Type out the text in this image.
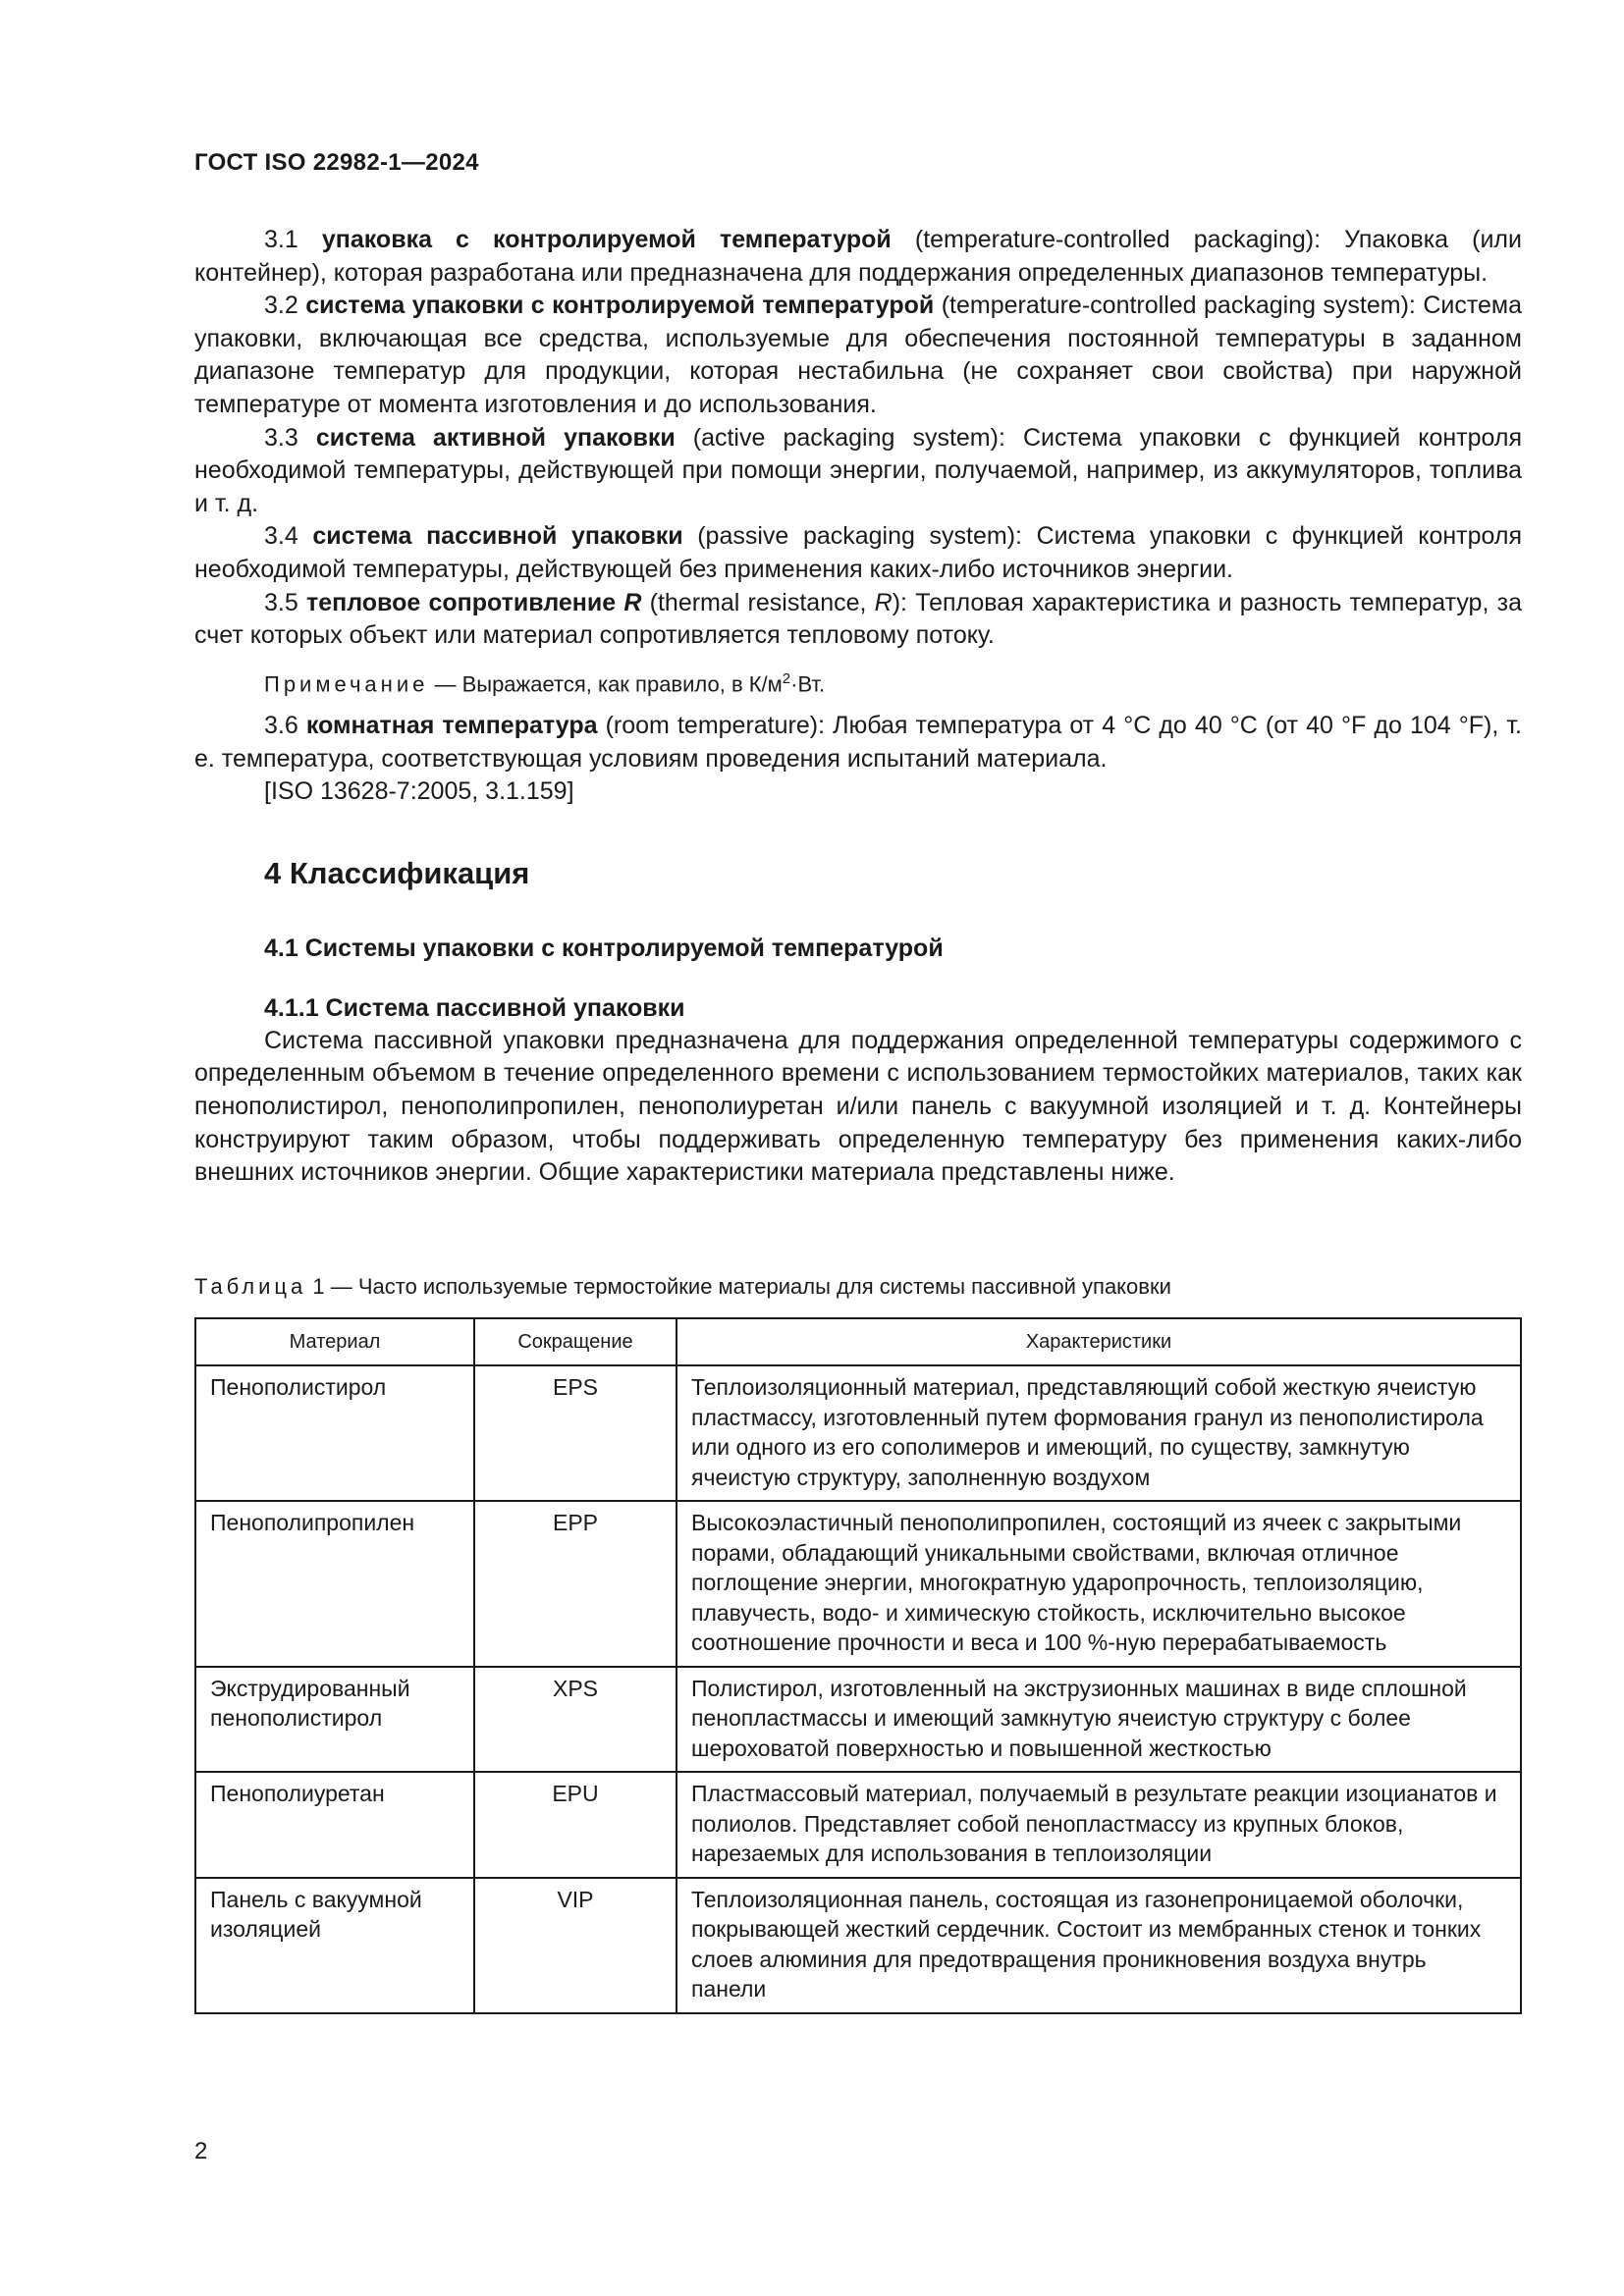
ГОСТ ISO 22982-1—2024

3.1 упаковка с контролируемой температурой (temperature-controlled packaging): Упаковка (или контейнер), которая разработана или предназначена для поддержания определенных диапазонов температуры.

3.2 система упаковки с контролируемой температурой (temperature-controlled packaging system): Система упаковки, включающая все средства, используемые для обеспечения постоянной температуры в заданном диапазоне температур для продукции, которая нестабильна (не сохраняет свои свойства) при наружной температуре от момента изготовления и до использования.

3.3 система активной упаковки (active packaging system): Система упаковки с функцией контроля необходимой температуры, действующей при помощи энергии, получаемой, например, из аккумуляторов, топлива и т. д.

3.4 система пассивной упаковки (passive packaging system): Система упаковки с функцией контроля необходимой температуры, действующей без применения каких-либо источников энергии.

3.5 тепловое сопротивление R (thermal resistance, R): Тепловая характеристика и разность температур, за счет которых объект или материал сопротивляется тепловому потоку.

Примечание — Выражается, как правило, в $К/м^2\cdot Вт$.

3.6 комнатная температура (room temperature): Любая температура от 4 °C до 40 °C (от 40 °F до 104 °F), т. е. температура, соответствующая условиям проведения испытаний материала.

[ISO 13628-7:2005, 3.1.159]

4 Классификация
4.1 Системы упаковки с контролируемой температурой
4.1.1 Система пассивной упаковки

Система пассивной упаковки предназначена для поддержания определенной температуры содержимого с определенным объемом в течение определенного времени с использованием термостойких материалов, таких как пенополистирол, пенополипропилен, пенополиуретан и/или панель с вакуумной изоляцией и т. д. Контейнеры конструируют таким образом, чтобы поддерживать определенную температуру без применения каких-либо внешних источников энергии. Общие характеристики материала представлены ниже.

Таблица 1 — Часто используемые термостойкие материалы для системы пассивной упаковки
Материал	Сокращение	Характеристики
Пенополистирол	EPS	Теплоизоляционный материал, представляющий собой жесткую ячеистую пластмассу, изготовленный путем формования гранул из пенополистирола или одного из его сополимеров и имеющий, по существу, замкнутую ячеистую структуру, заполненную воздухом
Пенополипропилен	EPP	Высокоэластичный пенополипропилен, состоящий из ячеек с закрытыми порами, обладающий уникальными свойствами, включая отличное поглощение энергии, многократную ударопрочность, теплоизоляцию, плавучесть, водо- и химическую стойкость, исключительно высокое соотношение прочности и веса и 100 %-ную перерабатываемость
Экструдированный пенополистирол	XPS	Полистирол, изготовленный на экструзионных машинах в виде сплошной пенопластмассы и имеющий замкнутую ячеистую структуру с более шероховатой поверхностью и повышенной жесткостью
Пенополиуретан	EPU	Пластмассовый материал, получаемый в результате реакции изоцианатов и полиолов. Представляет собой пенопластмассу из крупных блоков, нарезаемых для использования в теплоизоляции
Панель с вакуумной изоляцией	VIP	Теплоизоляционная панель, состоящая из газонепроницаемой оболочки, покрывающей жесткий сердечник. Состоит из мембранных стенок и тонких слоев алюминия для предотвращения проникновения воздуха внутрь панели
2
